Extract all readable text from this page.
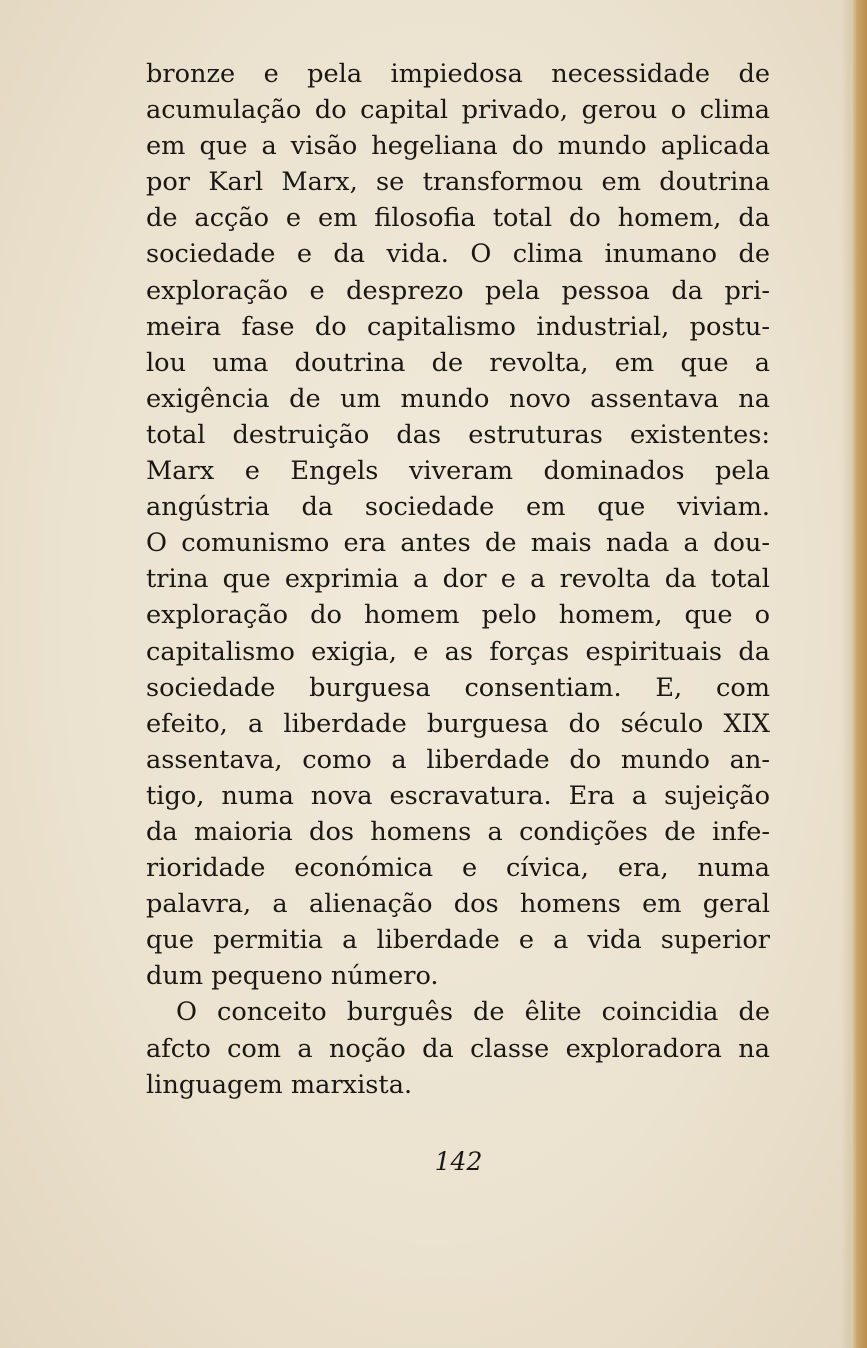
bronze e pela impiedosa necessidade de
acumulação do capital privado, gerou o clima
em que a visão hegeliana do mundo aplicada
por Karl Marx, se transformou em doutrina
de acção e em filosofia total do homem, da
sociedade e da vida. O clima inumano de
exploração e desprezo pela pessoa da pri-
meira fase do capitalismo industrial, postu-
lou uma doutrina de revolta, em que a
exigência de um mundo novo assentava na
total destruição das estruturas existentes:
Marx e Engels viveram dominados pela
angústria da sociedade em que viviam.
O comunismo era antes de mais nada a dou-
trina que exprimia a dor e a revolta da total
exploração do homem pelo homem, que o
capitalismo exigia, e as forças espirituais da
sociedade burguesa consentiam. E, com
efeito, a liberdade burguesa do século XIX
assentava, como a liberdade do mundo an-
tigo, numa nova escravatura. Era a sujeição
da maioria dos homens a condições de infe-
rioridade económica e cívica, era, numa
palavra, a alienação dos homens em geral
que permitia a liberdade e a vida superior
dum pequeno número.
O conceito burguês de êlite coincidia de
afcto com a noção da classe exploradora na
linguagem marxista.
142
